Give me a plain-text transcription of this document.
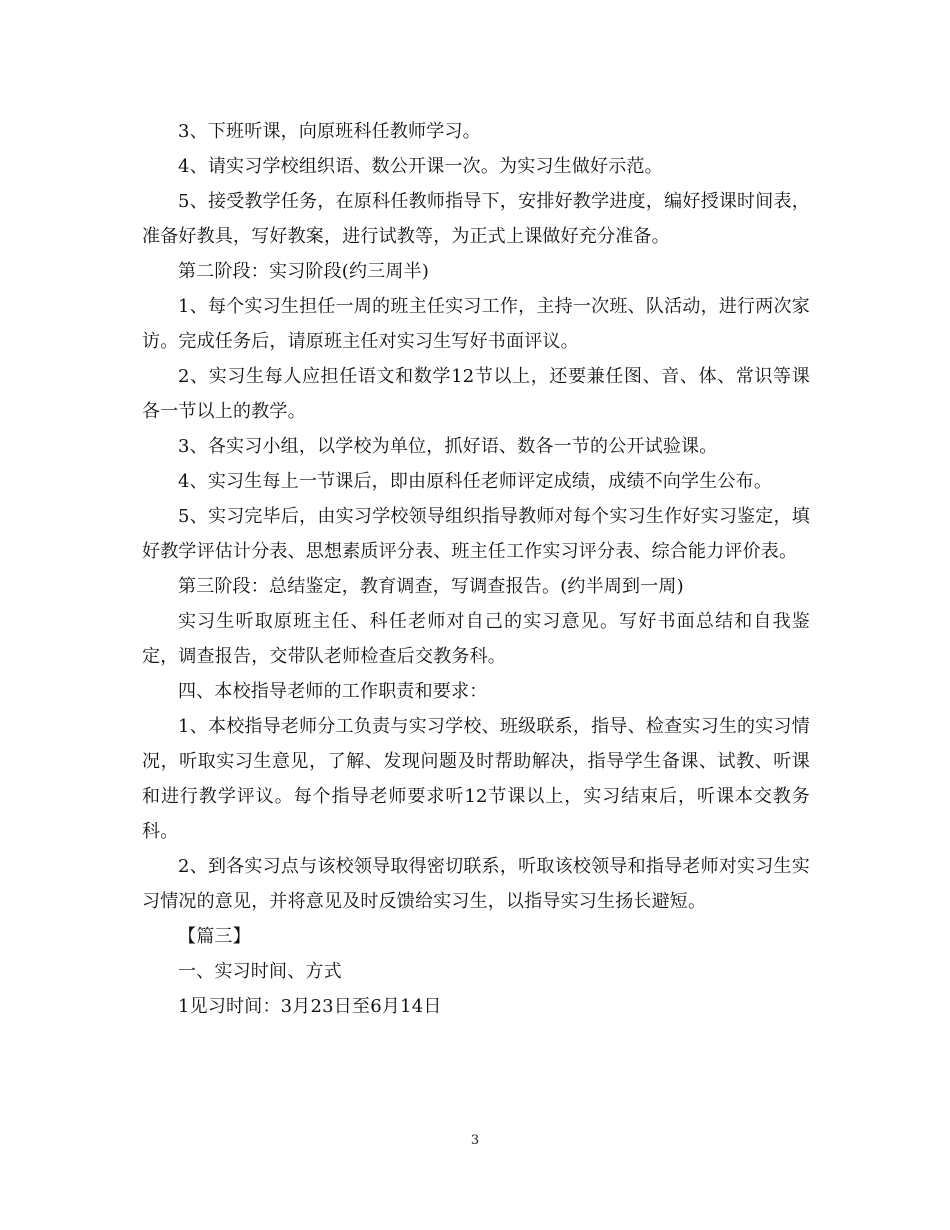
3、下班听课，向原班科任教师学习。

4、请实习学校组织语、数公开课一次。为实习生做好示范。

5、接受教学任务，在原科任教师指导下，安排好教学进度，编好授课时间表，准备好教具，写好教案，进行试教等，为正式上课做好充分准备。

第二阶段：实习阶段(约三周半)

1、每个实习生担任一周的班主任实习工作，主持一次班、队活动，进行两次家访。完成任务后，请原班主任对实习生写好书面评议。

2、实习生每人应担任语文和数学12节以上，还要兼任图、音、体、常识等课各一节以上的教学。

3、各实习小组，以学校为单位，抓好语、数各一节的公开试验课。

4、实习生每上一节课后，即由原科任老师评定成绩，成绩不向学生公布。

5、实习完毕后，由实习学校领导组织指导教师对每个实习生作好实习鉴定，填好教学评估计分表、思想素质评分表、班主任工作实习评分表、综合能力评价表。

第三阶段：总结鉴定，教育调查，写调查报告。(约半周到一周)

实习生听取原班主任、科任老师对自己的实习意见。写好书面总结和自我鉴定，调查报告，交带队老师检查后交教务科。

四、本校指导老师的工作职责和要求：

1、本校指导老师分工负责与实习学校、班级联系，指导、检查实习生的实习情况，听取实习生意见，了解、发现问题及时帮助解决，指导学生备课、试教、听课和进行教学评议。每个指导老师要求听12节课以上，实习结束后，听课本交教务科。

2、到各实习点与该校领导取得密切联系，听取该校领导和指导老师对实习生实习情况的意见，并将意见及时反馈给实习生，以指导实习生扬长避短。

【篇三】

一、实习时间、方式

1见习时间：3月23日至6月14日

3
